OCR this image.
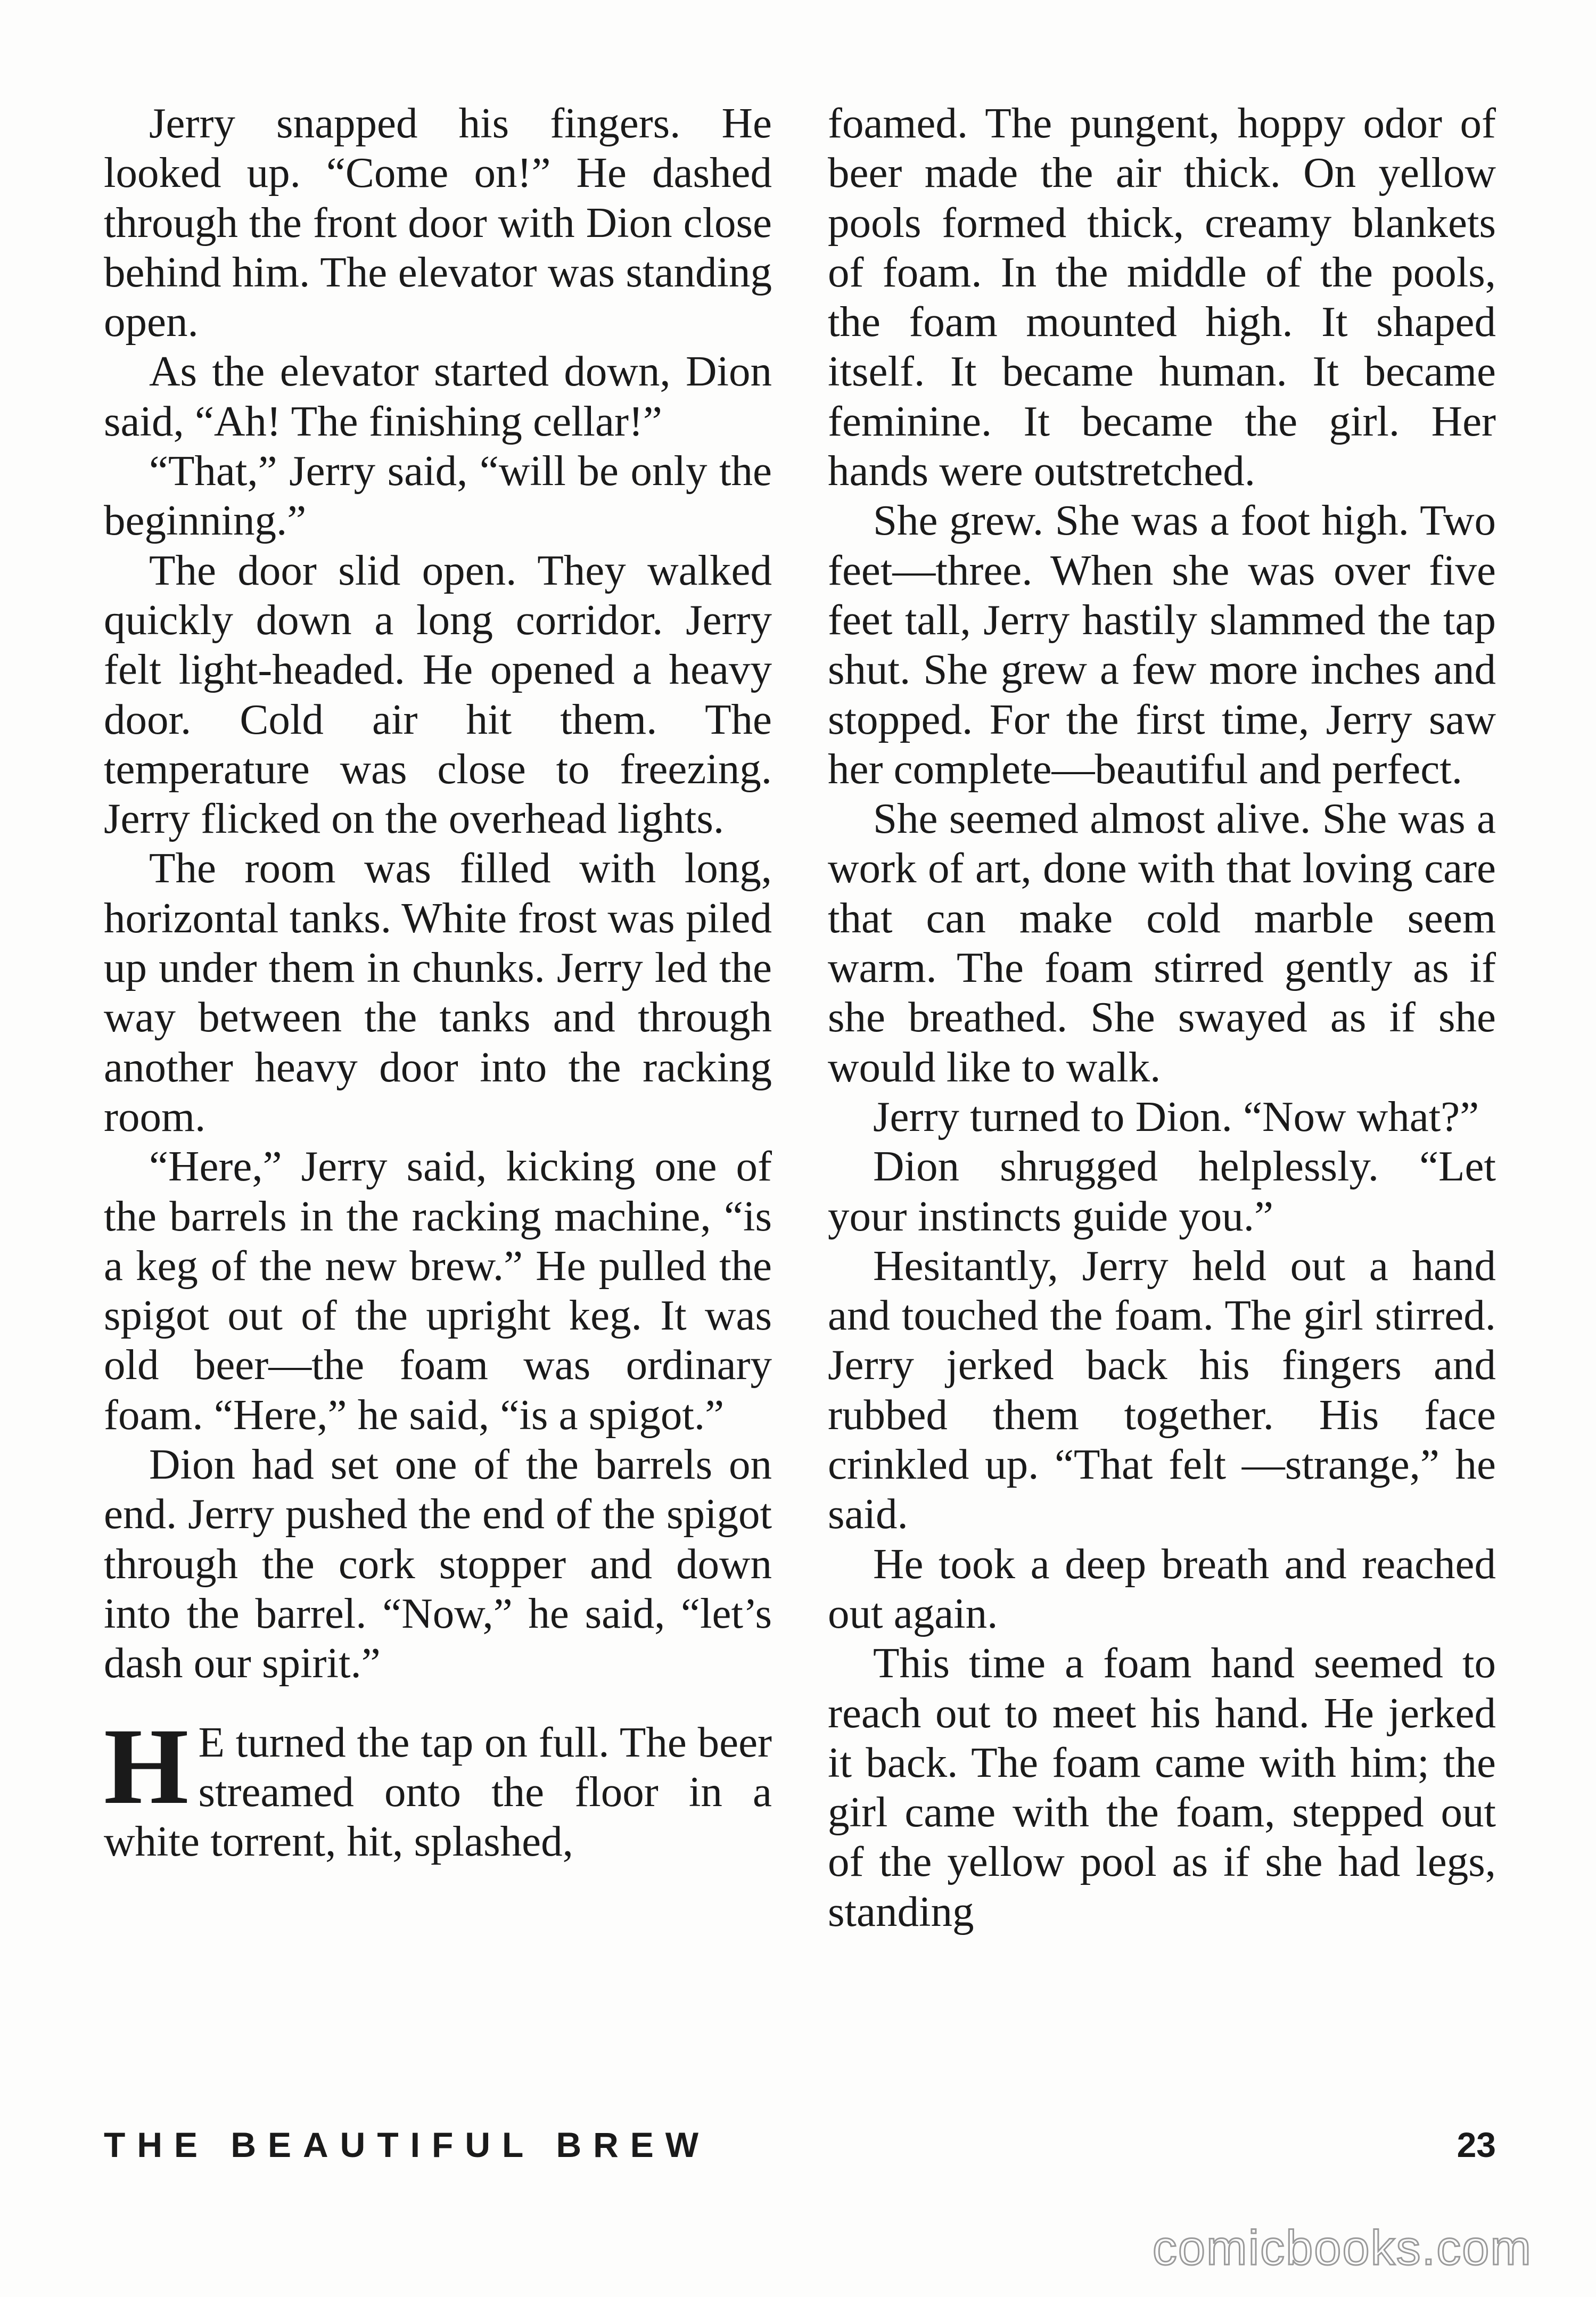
Jerry snapped his fingers. He looked up. “Come on!” He dashed through the front door with Dion close behind him. The elevator was standing open.

As the elevator started down, Dion said, “Ah! The finishing cellar!”

“That,” Jerry said, “will be only the beginning.”

The door slid open. They walked quickly down a long corridor. Jerry felt light-headed. He opened a heavy door. Cold air hit them. The temperature was close to freezing. Jerry flicked on the overhead lights.

The room was filled with long, horizontal tanks. White frost was piled up under them in chunks. Jerry led the way between the tanks and through another heavy door into the racking room.

“Here,” Jerry said, kicking one of the barrels in the racking machine, “is a keg of the new brew.” He pulled the spigot out of the upright keg. It was old beer—the foam was ordinary foam. “Here,” he said, “is a spigot.”

Dion had set one of the barrels on end. Jerry pushed the end of the spigot through the cork stopper and down into the barrel. “Now,” he said, “let’s dash our spirit.”

H E turned the tap on full. The beer streamed onto the floor in a white torrent, hit, splashed,

foamed. The pungent, hoppy odor of beer made the air thick. On yellow pools formed thick, creamy blankets of foam. In the middle of the pools, the foam mounted high. It shaped itself. It became human. It became feminine. It became the girl. Her hands were outstretched.

She grew. She was a foot high. Two feet—three. When she was over five feet tall, Jerry hastily slammed the tap shut. She grew a few more inches and stopped. For the first time, Jerry saw her complete—beautiful and perfect.

She seemed almost alive. She was a work of art, done with that loving care that can make cold marble seem warm. The foam stirred gently as if she breathed. She swayed as if she would like to walk.

Jerry turned to Dion. “Now what?”

Dion shrugged helplessly. “Let your instincts guide you.”

Hesitantly, Jerry held out a hand and touched the foam. The girl stirred. Jerry jerked back his fingers and rubbed them together. His face crinkled up. “That felt —strange,” he said.

He took a deep breath and reached out again.

This time a foam hand seemed to reach out to meet his hand. He jerked it back. The foam came with him; the girl came with the foam, stepped out of the yellow pool as if she had legs, standing

THE BEAUTIFUL BREW	23
comicbooks.com
